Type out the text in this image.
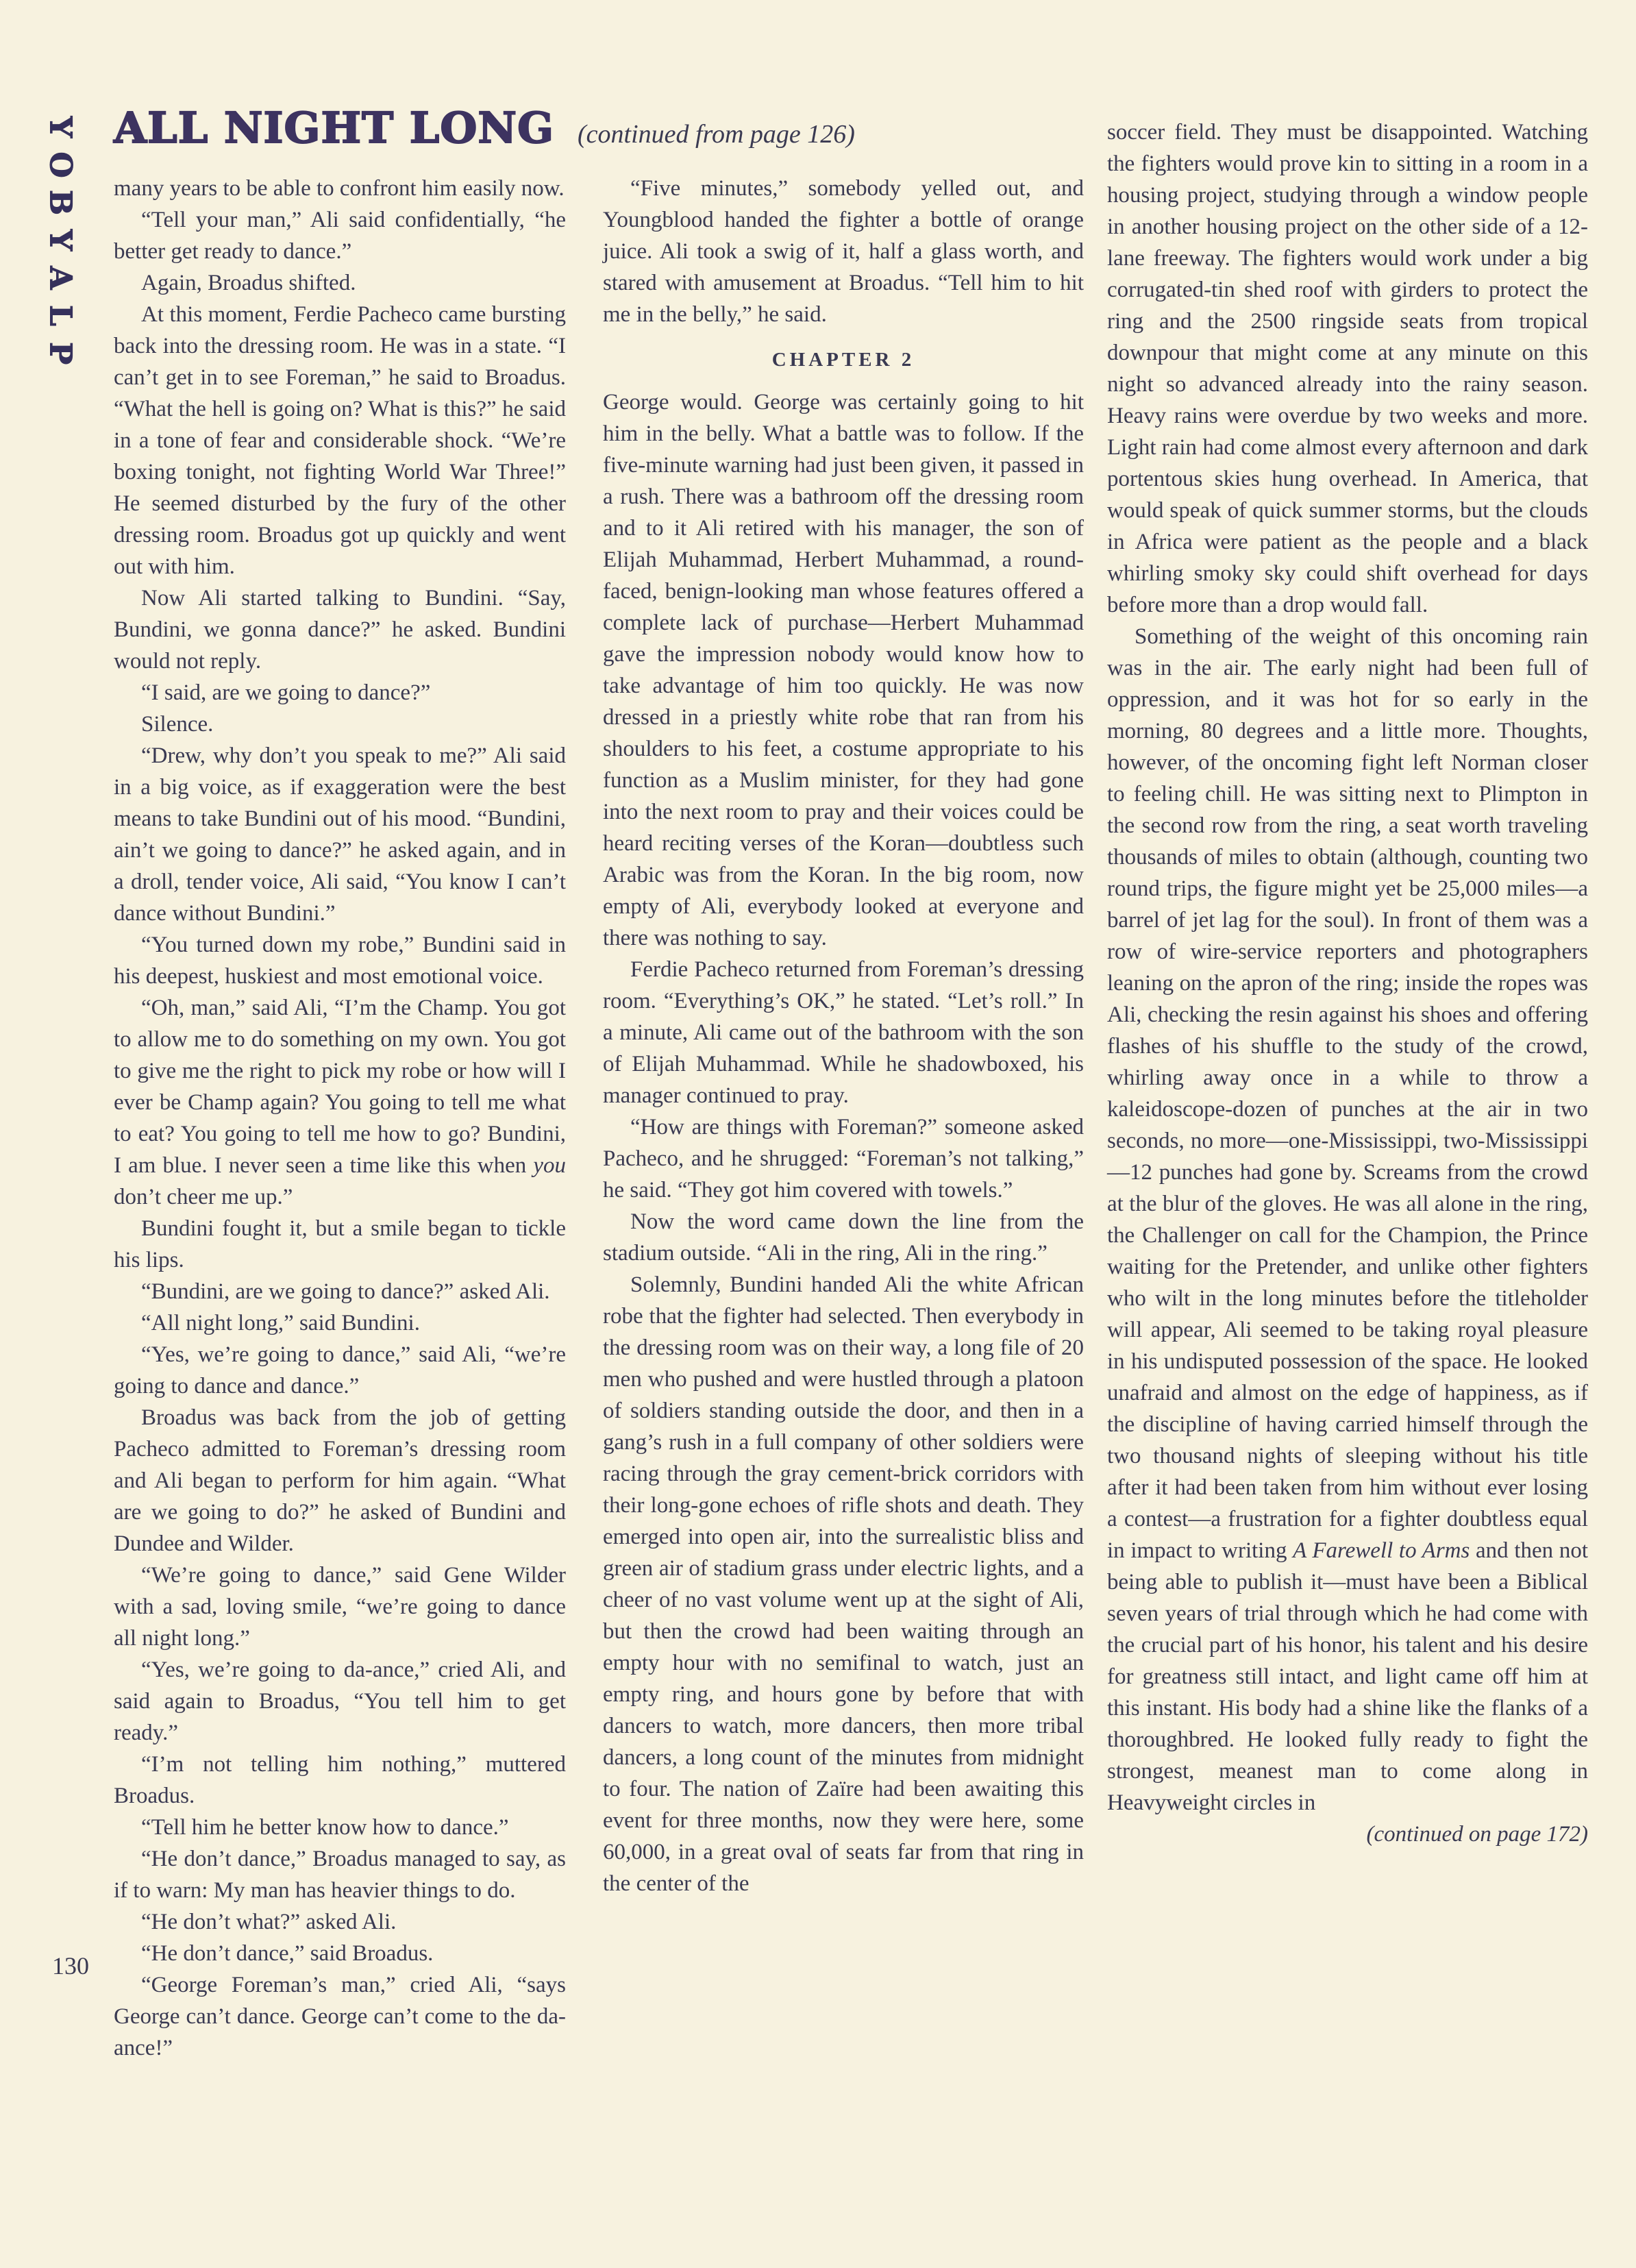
Y
O
B
Y
A
L
P
ALL NIGHT LONG (continued from page 126)

many years to be able to confront him easily now.

“Tell your man,” Ali said confidentially, “he better get ready to dance.”

Again, Broadus shifted.

At this moment, Ferdie Pacheco came bursting back into the dressing room. He was in a state. “I can’t get in to see Foreman,” he said to Broadus. “What the hell is going on? What is this?” he said in a tone of fear and considerable shock. “We’re boxing tonight, not fighting World War Three!” He seemed disturbed by the fury of the other dressing room. Broadus got up quickly and went out with him.

Now Ali started talking to Bundini. “Say, Bundini, we gonna dance?” he asked. Bundini would not reply.

“I said, are we going to dance?”

Silence.

“Drew, why don’t you speak to me?” Ali said in a big voice, as if exaggeration were the best means to take Bundini out of his mood. “Bundini, ain’t we going to dance?” he asked again, and in a droll, tender voice, Ali said, “You know I can’t dance without Bundini.”

“You turned down my robe,” Bundini said in his deepest, huskiest and most emotional voice.

“Oh, man,” said Ali, “I’m the Champ. You got to allow me to do something on my own. You got to give me the right to pick my robe or how will I ever be Champ again? You going to tell me what to eat? You going to tell me how to go? Bundini, I am blue. I never seen a time like this when you don’t cheer me up.”

Bundini fought it, but a smile began to tickle his lips.

“Bundini, are we going to dance?” asked Ali.

“All night long,” said Bundini.

“Yes, we’re going to dance,” said Ali, “we’re going to dance and dance.”

Broadus was back from the job of getting Pacheco admitted to Foreman’s dressing room and Ali began to perform for him again. “What are we going to do?” he asked of Bundini and Dundee and Wilder.

“We’re going to dance,” said Gene Wilder with a sad, loving smile, “we’re going to dance all night long.”

“Yes, we’re going to da-ance,” cried Ali, and said again to Broadus, “You tell him to get ready.”

“I’m not telling him nothing,” muttered Broadus.

“Tell him he better know how to dance.”

“He don’t dance,” Broadus managed to say, as if to warn: My man has heavier things to do.

“He don’t what?” asked Ali.

“He don’t dance,” said Broadus.

“George Foreman’s man,” cried Ali, “says George can’t dance. George can’t come to the da-ance!”

“Five minutes,” somebody yelled out, and Youngblood handed the fighter a bottle of orange juice. Ali took a swig of it, half a glass worth, and stared with amusement at Broadus. “Tell him to hit me in the belly,” he said.

CHAPTER 2

George would. George was certainly going to hit him in the belly. What a battle was to follow. If the five-minute warning had just been given, it passed in a rush. There was a bathroom off the dressing room and to it Ali retired with his manager, the son of Elijah Muhammad, Herbert Muhammad, a round-faced, benign-looking man whose features offered a complete lack of purchase—Herbert Muhammad gave the impression nobody would know how to take advantage of him too quickly. He was now dressed in a priestly white robe that ran from his shoulders to his feet, a costume appropriate to his function as a Muslim minister, for they had gone into the next room to pray and their voices could be heard reciting verses of the Koran—doubtless such Arabic was from the Koran. In the big room, now empty of Ali, everybody looked at everyone and there was nothing to say.

Ferdie Pacheco returned from Foreman’s dressing room. “Everything’s OK,” he stated. “Let’s roll.” In a minute, Ali came out of the bathroom with the son of Elijah Muhammad. While he shadowboxed, his manager continued to pray.

“How are things with Foreman?” someone asked Pacheco, and he shrugged: “Foreman’s not talking,” he said. “They got him covered with towels.”

Now the word came down the line from the stadium outside. “Ali in the ring, Ali in the ring.”

Solemnly, Bundini handed Ali the white African robe that the fighter had selected. Then everybody in the dressing room was on their way, a long file of 20 men who pushed and were hustled through a platoon of soldiers standing outside the door, and then in a gang’s rush in a full company of other soldiers were racing through the gray cement-brick corridors with their long-gone echoes of rifle shots and death. They emerged into open air, into the surrealistic bliss and green air of stadium grass under electric lights, and a cheer of no vast volume went up at the sight of Ali, but then the crowd had been waiting through an empty hour with no semifinal to watch, just an empty ring, and hours gone by before that with dancers to watch, more dancers, then more tribal dancers, a long count of the minutes from midnight to four. The nation of Zaïre had been awaiting this event for three months, now they were here, some 60,000, in a great oval of seats far from that ring in the center of the

soccer field. They must be disappointed. Watching the fighters would prove kin to sitting in a room in a housing project, studying through a window people in another housing project on the other side of a 12-lane freeway. The fighters would work under a big corrugated-tin shed roof with girders to protect the ring and the 2500 ringside seats from tropical downpour that might come at any minute on this night so advanced already into the rainy season. Heavy rains were overdue by two weeks and more. Light rain had come almost every afternoon and dark portentous skies hung overhead. In America, that would speak of quick summer storms, but the clouds in Africa were patient as the people and a black whirling smoky sky could shift overhead for days before more than a drop would fall.

Something of the weight of this oncoming rain was in the air. The early night had been full of oppression, and it was hot for so early in the morning, 80 degrees and a little more. Thoughts, however, of the oncoming fight left Norman closer to feeling chill. He was sitting next to Plimpton in the second row from the ring, a seat worth traveling thousands of miles to obtain (although, counting two round trips, the figure might yet be 25,000 miles—a barrel of jet lag for the soul). In front of them was a row of wire-service reporters and photographers leaning on the apron of the ring; inside the ropes was Ali, checking the resin against his shoes and offering flashes of his shuffle to the study of the crowd, whirling away once in a while to throw a kaleidoscope-dozen of punches at the air in two seconds, no more—one-Mississippi, two-Mississippi—12 punches had gone by. Screams from the crowd at the blur of the gloves. He was all alone in the ring, the Challenger on call for the Champion, the Prince waiting for the Pretender, and unlike other fighters who wilt in the long minutes before the titleholder will appear, Ali seemed to be taking royal pleasure in his undisputed possession of the space. He looked unafraid and almost on the edge of happiness, as if the discipline of having carried himself through the two thousand nights of sleeping without his title after it had been taken from him without ever losing a contest—a frustration for a fighter doubtless equal in impact to writing A Farewell to Arms and then not being able to publish it—must have been a Biblical seven years of trial through which he had come with the crucial part of his honor, his talent and his desire for greatness still intact, and light came off him at this instant. His body had a shine like the flanks of a thoroughbred. He looked fully ready to fight the strongest, meanest man to come along in Heavyweight circles in

(continued on page 172)
130
